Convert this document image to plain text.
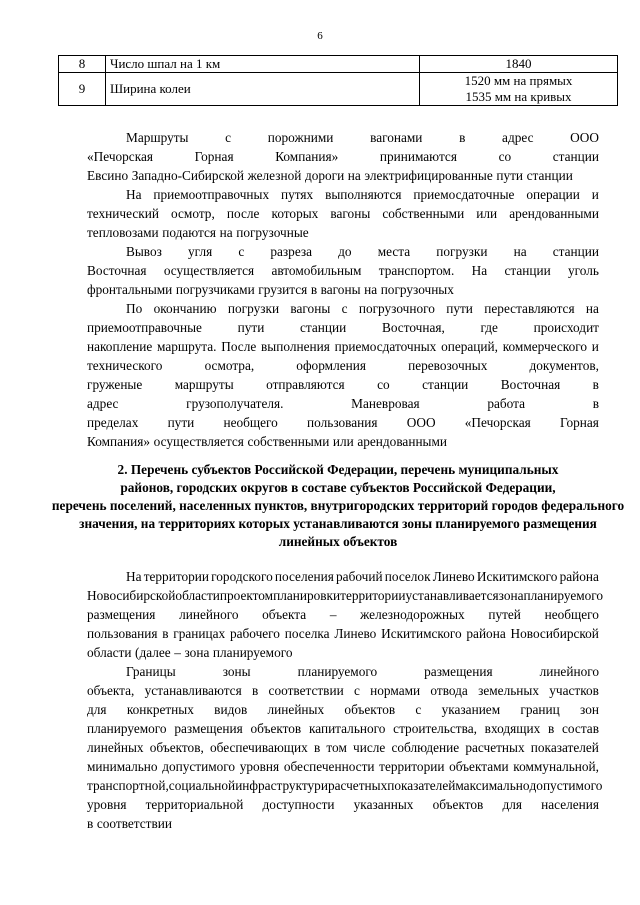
6
8	Число шпал на 1 км	1840

9	Ширина колеи	1520 мм на прямых
1535 мм на кривых
Маршруты	с	порожними	вагонами	в	адрес	ООО
«Печорская	Горная	Компания»	принимаются	со	станции
Евсино Западно-Сибирской железной дороги на электрифицированные пути станции
На приемоотправочных путях выполняются приемосдаточные операции и
технический осмотр, после которых вагоны собственными или арендованными
тепловозами подаются на погрузочные
Вывоз угля с разреза до места погрузки на станции
Восточная осуществляется автомобильным транспортом. На станции уголь
фронтальными погрузчиками грузится в вагоны на погрузочных
По окончанию погрузки вагоны с погрузочного пути переставляются на
приемоотправочные	пути	станции	Восточная,	где	происходит
накопление маршрута. После выполнения приемосдаточных операций, коммерческого и
технического	осмотра,	оформления	перевозочных	документов,
груженые маршруты отправляются со станции Восточная в
адрес	грузополучателя.	Маневровая	работа	в
пределах пути необщего пользования ООО «Печорская Горная
Компания» осуществляется собственными или арендованными
2. Перечень субъектов Российской Федерации, перечень муниципальных
районов, городских округов в составе субъектов Российской Федерации,
перечень поселений, населенных пунктов, внутригородских территорий городов федерального
значения, на территориях которых устанавливаются зоны планируемого размещения
линейных объектов
На территории городского поселения рабочий поселок Линево Искитимского района
Новосибирской области проектом планировки территории устанавливается зона планируемого
размещения линейного объекта – железнодорожных путей необщего
пользования в границах рабочего поселка Линево Искитимского района Новосибирской
области (далее – зона планируемого
Границы	зоны	планируемого	размещения	линейного
объекта, устанавливаются в соответствии с нормами отвода земельных участков
для конкретных видов линейных объектов с указанием границ зон
планируемого размещения объектов капитального строительства, входящих в состав
линейных объектов, обеспечивающих в том числе соблюдение расчетных показателей
минимально допустимого уровня обеспеченности территории объектами коммунальной,
транспортной, социальной инфраструктур и расчетных показателей максимально допустимого
уровня территориальной доступности указанных объектов для населения
в соответствии
